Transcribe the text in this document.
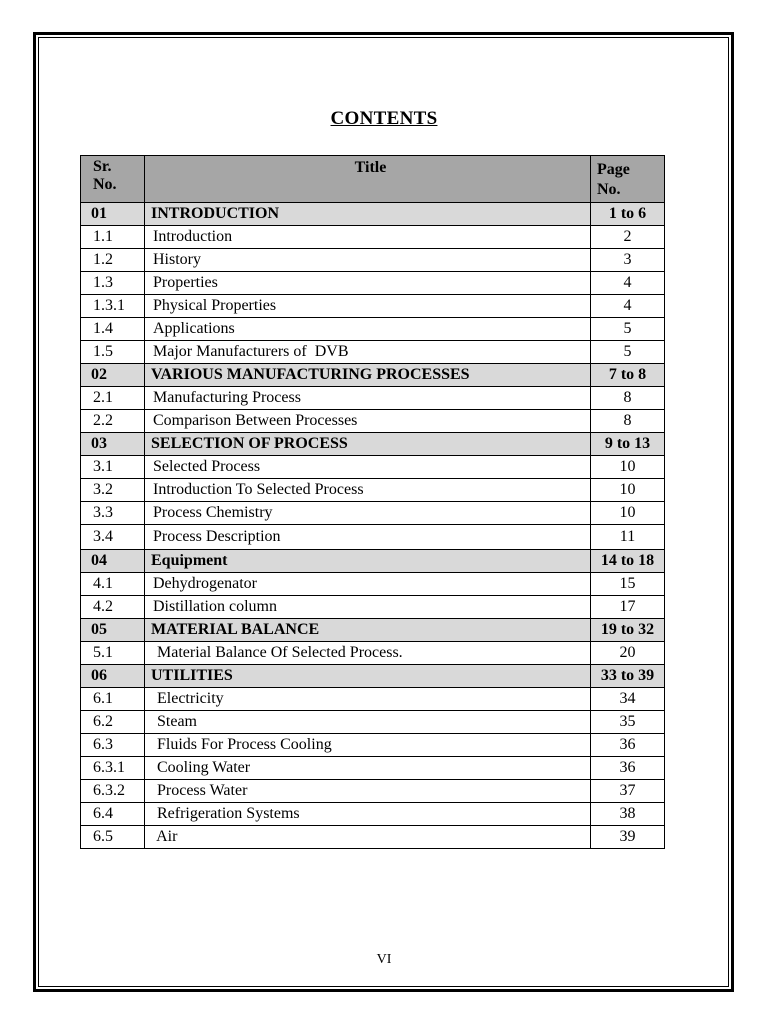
CONTENTS
Sr. No.	Title	Page No.
01	INTRODUCTION	1 to 6
1.1	Introduction	2
1.2	History	3
1.3	Properties	4
1.3.1	Physical Properties	4
1.4	Applications	5
1.5	Major Manufacturers of  DVB	5
02	VARIOUS MANUFACTURING PROCESSES	7 to 8
2.1	Manufacturing Process	8
2.2	Comparison Between Processes	8
03	SELECTION OF PROCESS	9 to 13
3.1	Selected Process	10
3.2	Introduction To Selected Process	10
3.3	Process Chemistry	10
3.4	Process Description	11
04	Equipment	14 to 18
4.1	Dehydrogenator	15
4.2	Distillation column	17
05	MATERIAL BALANCE	19 to 32
5.1	Material Balance Of Selected Process.	20
06	UTILITIES	33 to 39
6.1	Electricity	34
6.2	Steam	35
6.3	Fluids For Process Cooling	36
6.3.1	Cooling Water	36
6.3.2	Process Water	37
6.4	Refrigeration Systems	38
6.5	Air	39
VI
